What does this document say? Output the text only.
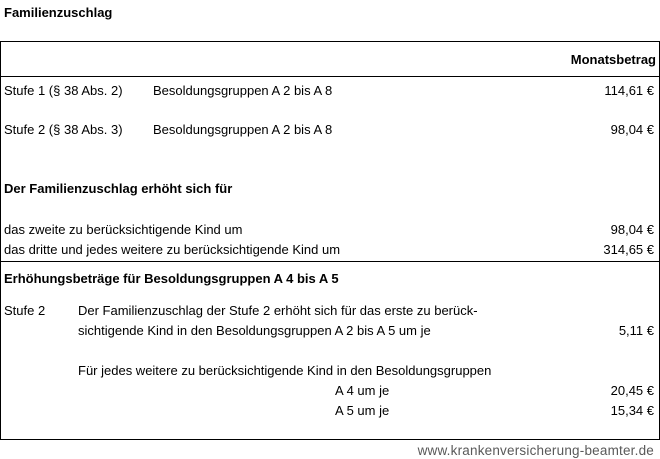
Familienzuschlag
Monatsbetrag
Stufe 1 (§ 38 Abs. 2) Besoldungsgruppen A 2 bis A 8	114,61 €
Stufe 2 (§ 38 Abs. 3) Besoldungsgruppen A 2 bis A 8	98,04 €
Der Familienzuschlag erhöht sich für
das zweite zu berücksichtigende Kind um	98,04 €
das dritte und jedes weitere zu berücksichtigende Kind um	314,65 €
Erhöhungsbeträge für Besoldungsgruppen A 4 bis A 5
Stufe 2	Der Familienzuschlag der Stufe 2 erhöht sich für das erste zu berück-
sichtigende Kind in den Besoldungsgruppen A 2 bis A 5 um je	5,11 €
Für jedes weitere zu berücksichtigende Kind in den Besoldungsgruppen
A 4 um je	20,45 €
A 5 um je	15,34 €
www.krankenversicherung-beamter.de
